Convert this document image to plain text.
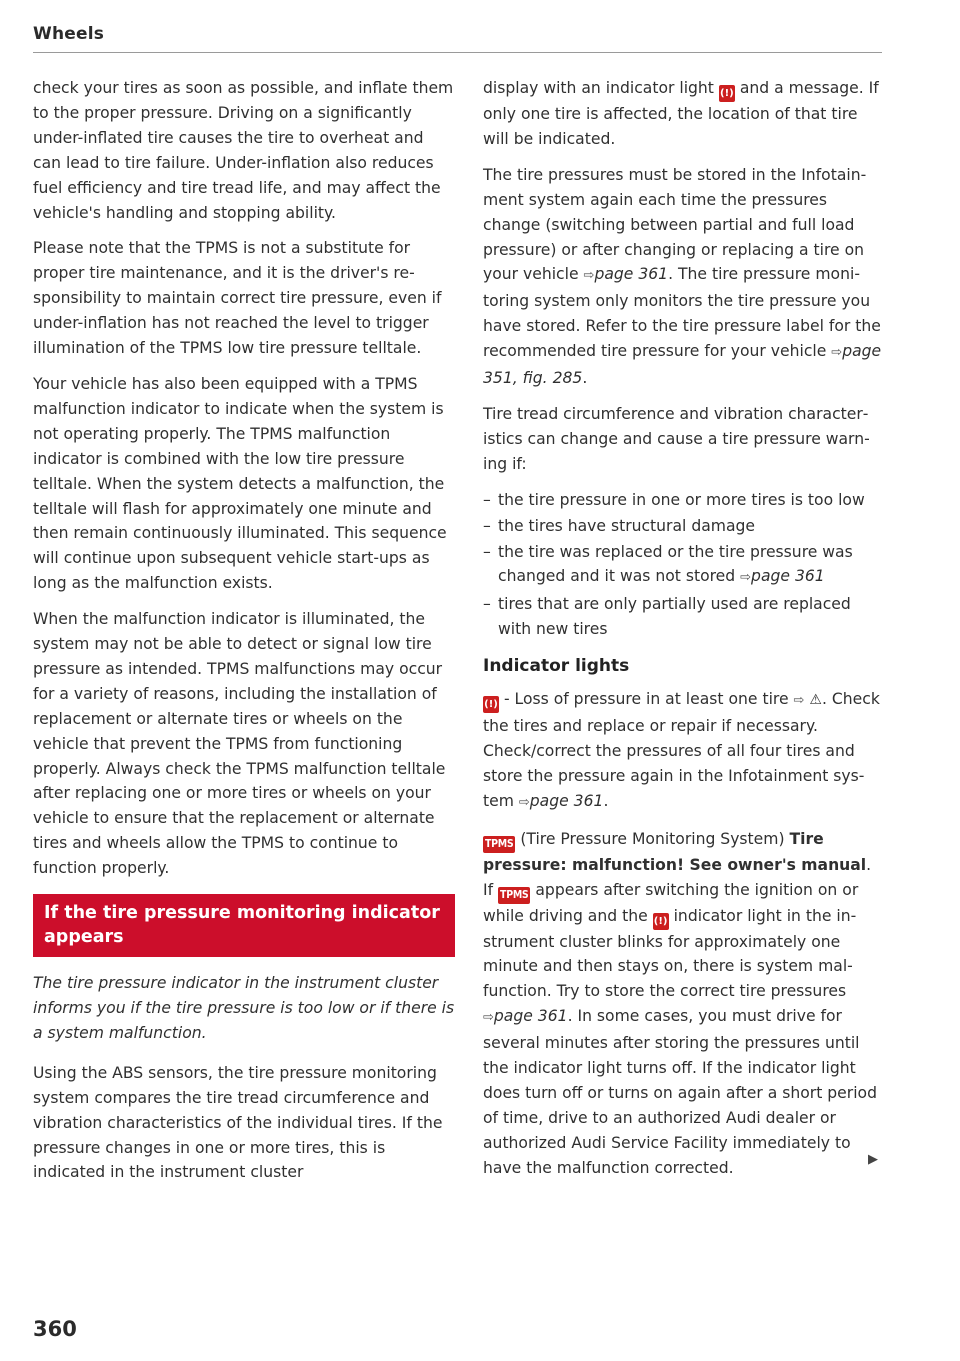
Wheels

check your tires as soon as possible, and inflate them to the proper pressure. Driving on a significantly under-inflated tire causes the tire to overheat and can lead to tire failure. Under-inflation also reduces fuel efficiency and tire tread life, and may affect the vehicle's handling and stopping ability.

Please note that the TPMS is not a substitute for proper tire maintenance, and it is the driver's responsibility to maintain correct tire pressure, even if under-inflation has not reached the level to trigger illumination of the TPMS low tire pressure telltale.

Your vehicle has also been equipped with a TPMS malfunction indicator to indicate when the system is not operating properly. The TPMS malfunction indicator is combined with the low tire pressure telltale. When the system detects a malfunction, the telltale will flash for approximately one minute and then remain continuously illuminated. This sequence will continue upon subsequent vehicle start-ups as long as the malfunction exists.

When the malfunction indicator is illuminated, the system may not be able to detect or signal low tire pressure as intended. TPMS malfunctions may occur for a variety of reasons, including the installation of replacement or alternate tires or wheels on the vehicle that prevent the TPMS from functioning properly. Always check the TPMS malfunction telltale after replacing one or more tires or wheels on your vehicle to ensure that the replacement or alternate tires and wheels allow the TPMS to continue to function properly.

If the tire pressure monitoring indicator appears

The tire pressure indicator in the instrument cluster informs you if the tire pressure is too low or if there is a system malfunction.

Using the ABS sensors, the tire pressure monitoring system compares the tire tread circumference and vibration characteristics of the individual tires. If the pressure changes in one or more tires, this is indicated in the instrument cluster

display with an indicator light (!) and a message. If only one tire is affected, the location of that tire will be indicated.

The tire pressures must be stored in the Infotainment system again each time the pressures change (switching between partial and full load pressure) or after changing or replacing a tire on your vehicle ⇨page 361. The tire pressure monitoring system only monitors the tire pressure you have stored. Refer to the tire pressure label for the recommended tire pressure for your vehicle ⇨page 351, fig. 285.

Tire tread circumference and vibration characteristics can change and cause a tire pressure warning if:

– the tire pressure in one or more tires is too low
– the tires have structural damage
– the tire was replaced or the tire pressure was changed and it was not stored ⇨page 361
– tires that are only partially used are replaced with new tires
Indicator lights

(!) - Loss of pressure in at least one tire ⇨ ⚠. Check the tires and replace or repair if necessary. Check/correct the pressures of all four tires and store the pressure again in the Infotainment system ⇨page 361.

TPMS (Tire Pressure Monitoring System) Tire pressure: malfunction! See owner's manual. If TPMS appears after switching the ignition on or while driving and the (!) indicator light in the instrument cluster blinks for approximately one minute and then stays on, there is system malfunction. Try to store the correct tire pressures ⇨page 361. In some cases, you must drive for several minutes after storing the pressures until the indicator light turns off. If the indicator light does turn off or turns on again after a short period of time, drive to an authorized Audi dealer or authorized Audi Service Facility immediately to have the malfunction corrected.	▶
360
